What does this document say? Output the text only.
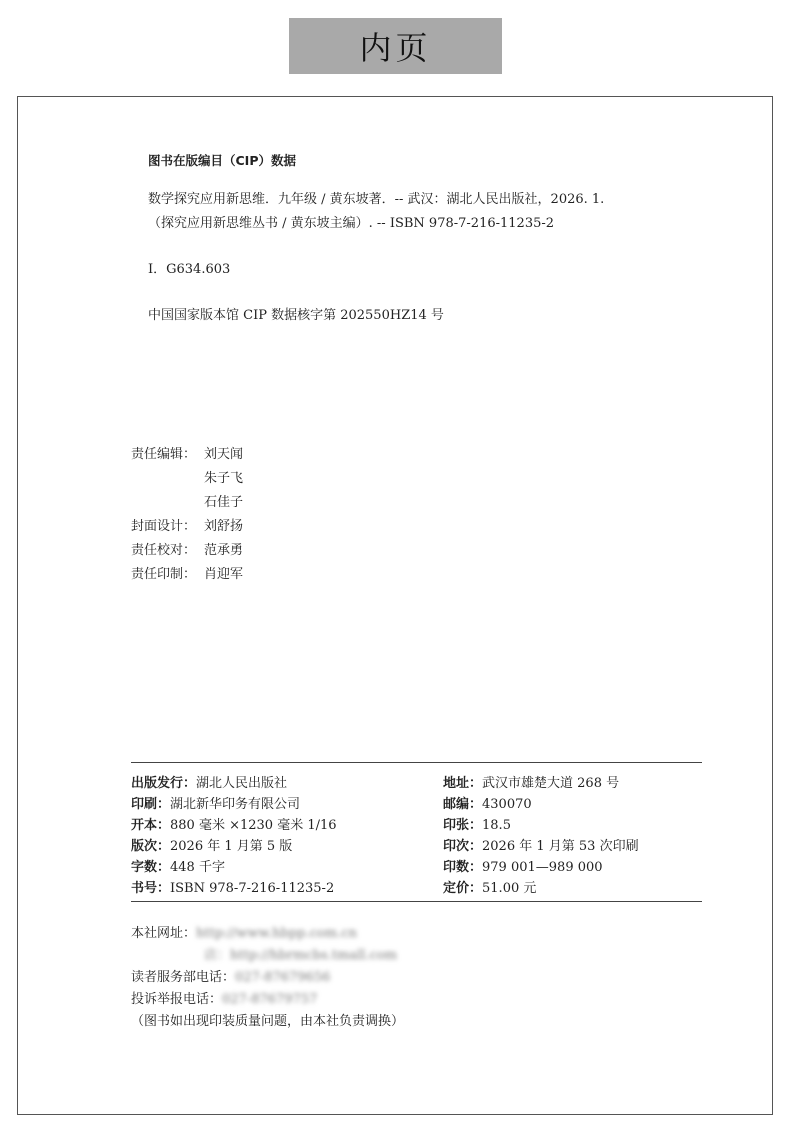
内页
图书在版编目（CIP）数据
数学探究应用新思维．九年级 / 黄东坡著．-- 武汉：湖北人民出版社，2026. 1.
（探究应用新思维丛书 / 黄东坡主编）. -- ISBN 978-7-216-11235-2
Ⅰ．G634.603
中国国家版本馆 CIP 数据核字第 202550HZ14 号
责任编辑： 刘天闻
朱子飞
石佳子
封面设计： 刘舒扬
责任校对： 范承勇
责任印制： 肖迎军
出版发行：湖北人民出版社
印刷：湖北新华印务有限公司
开本：880 毫米 ×1230 毫米 1/16
版次：2026 年 1 月第 5 版
字数：448 千字
书号：ISBN 978-7-216-11235-2
地址：武汉市雄楚大道 268 号
邮编：430070
印张：18.5
印次：2026 年 1 月第 53 次印刷
印数：979 001—989 000
定价：51.00 元
本社网址：http://www.hbpp.com.cn
店：http://hbrmcbs.tmall.com
读者服务部电话：027-87679656
投诉举报电话：027-87679757
（图书如出现印装质量问题，由本社负责调换）
